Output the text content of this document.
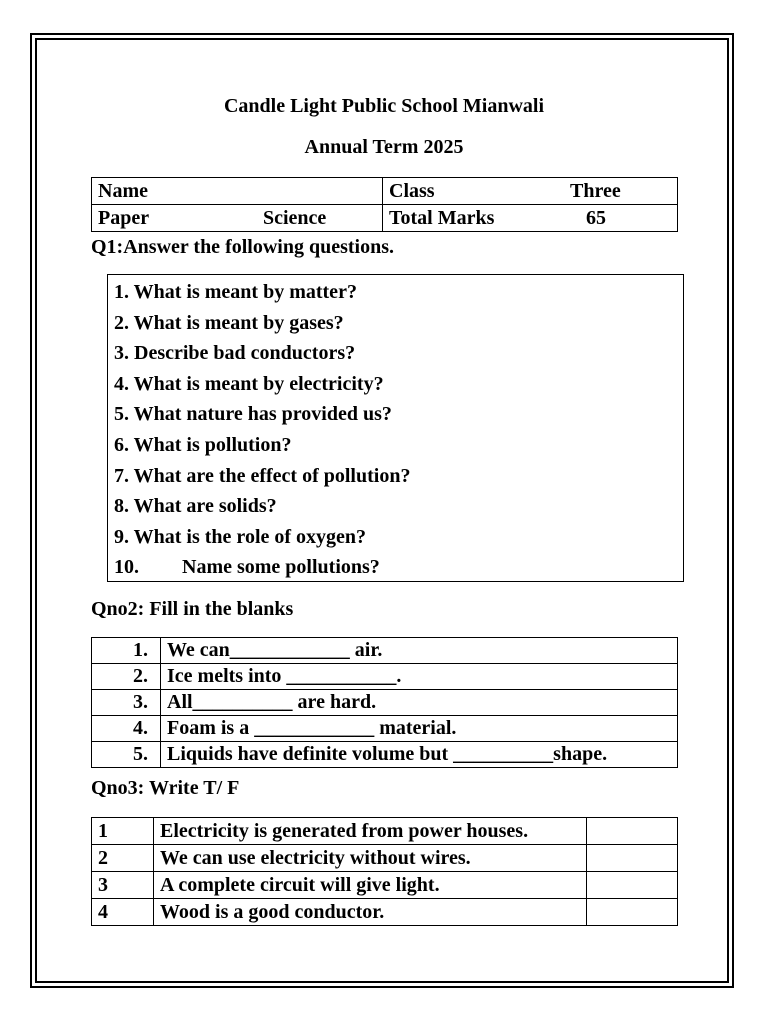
Candle Light Public School Mianwali
Annual Term 2025
Name	Class Three
Paper Science	Total Marks 65
Q1:Answer the following questions.
1. What is meant by matter?
2. What is meant by gases?
3. Describe bad conductors?
4. What is meant by electricity?
5. What nature has provided us?
6. What is pollution?
7. What are the effect of pollution?
8. What are solids?
9. What is the role of oxygen?
10. Name some pollutions?
Qno2: Fill in the blanks
1.	We can____________ air.
2.	Ice melts into ___________.
3.	All__________ are hard.
4.	Foam is a ____________ material.
5.	Liquids have definite volume but __________shape.
Qno3: Write T/ F
1	Electricity is generated from power houses.	
2	We can use electricity without wires.	
3	A complete circuit will give light.	
4	Wood is a good conductor.	
